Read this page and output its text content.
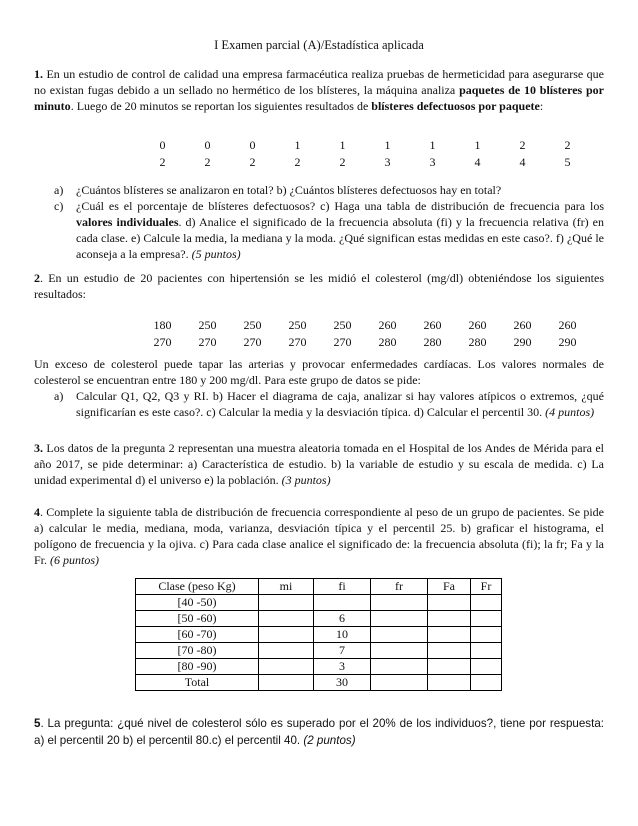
I Examen parcial (A)/Estadística aplicada
1. En un estudio de control de calidad una empresa farmacéutica realiza pruebas de hermeticidad para asegurarse que no existan fugas debido a un sellado no hermético de los blísteres, la máquina analiza paquetes de 10 blísteres por minuto. Luego de 20 minutos se reportan los siguientes resultados de blísteres defectuosos por paquete:
0	0	0	1	1	1	1	1	2	2
2	2	2	2	2	3	3	4	4	5
a)	¿Cuántos blísteres se analizaron en total? b) ¿Cuántos blísteres defectuosos hay en total?
c)	¿Cuál es el porcentaje de blísteres defectuosos? c) Haga una tabla de distribución de frecuencia para los valores individuales. d) Analice el significado de la frecuencia absoluta (fi) y la frecuencia relativa (fr) en cada clase. e) Calcule la media, la mediana y la moda. ¿Qué significan estas medidas en este caso?. f) ¿Qué le aconseja a la empresa?. (5 puntos)
2. En un estudio de 20 pacientes con hipertensión se les midió el colesterol (mg/dl) obteniéndose los siguientes resultados:
180	250	250	250	250	260	260	260	260	260
270	270	270	270	270	280	280	280	290	290
Un exceso de colesterol puede tapar las arterias y provocar enfermedades cardíacas. Los valores normales de colesterol se encuentran entre 180 y 200 mg/dl. Para este grupo de datos se pide:
a)	Calcular Q1, Q2, Q3 y RI. b) Hacer el diagrama de caja, analizar si hay valores atípicos o extremos, ¿qué significarían es este caso?. c) Calcular la media y la desviación típica. d) Calcular el percentil 30. (4 puntos)
3. Los datos de la pregunta 2 representan una muestra aleatoria tomada en el Hospital de los Andes de Mérida para el año 2017, se pide determinar: a) Característica de estudio. b) la variable de estudio y su escala de medida. c) La unidad experimental d) el universo e) la población. (3 puntos)
4. Complete la siguiente tabla de distribución de frecuencia correspondiente al peso de un grupo de pacientes. Se pide a) calcular le media, mediana, moda, varianza, desviación típica y el percentil 25. b) graficar el histograma, el polígono de frecuencia y la ojiva. c) Para cada clase analice el significado de: la frecuencia absoluta (fi); la fr; Fa y la Fr. (6 puntos)
Clase (peso Kg)	mi	fi	fr	Fa	Fr
[40 -50)					
[50 -60)		6			
[60 -70)		10			
[70 -80)		7			
[80 -90)		3			
Total		30			
5. La pregunta: ¿qué nivel de colesterol sólo es superado por el 20% de los individuos?, tiene por respuesta: a) el percentil 20 b) el percentil 80.c) el percentil 40. (2 puntos)
